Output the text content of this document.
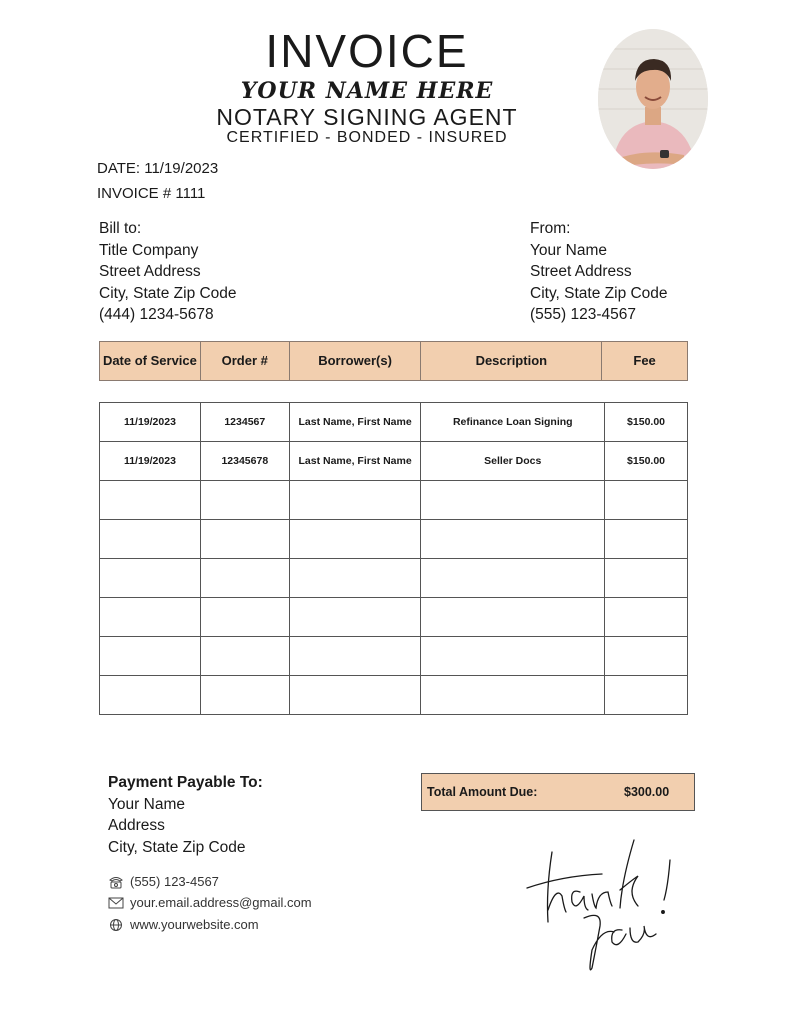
INVOICE
YOUR NAME HERE
NOTARY SIGNING AGENT
CERTIFIED - BONDED - INSURED
DATE: 11/19/2023
INVOICE # 1111
Bill to:
Title Company
Street Address
City, State Zip Code
(444) 1234-5678
From:
Your Name
Street Address
City, State Zip Code
(555) 123-4567
Date of Service	Order #	Borrower(s)	Description	Fee
11/19/2023	1234567	Last Name, First Name	Refinance Loan Signing	$150.00
11/19/2023	12345678	Last Name, First Name	Seller Docs	$150.00

Payment Payable To:
Your Name
Address
City, State Zip Code
(555) 123-4567
your.email.address@gmail.com
www.yourwebsite.com
Total Amount Due:	$300.00
